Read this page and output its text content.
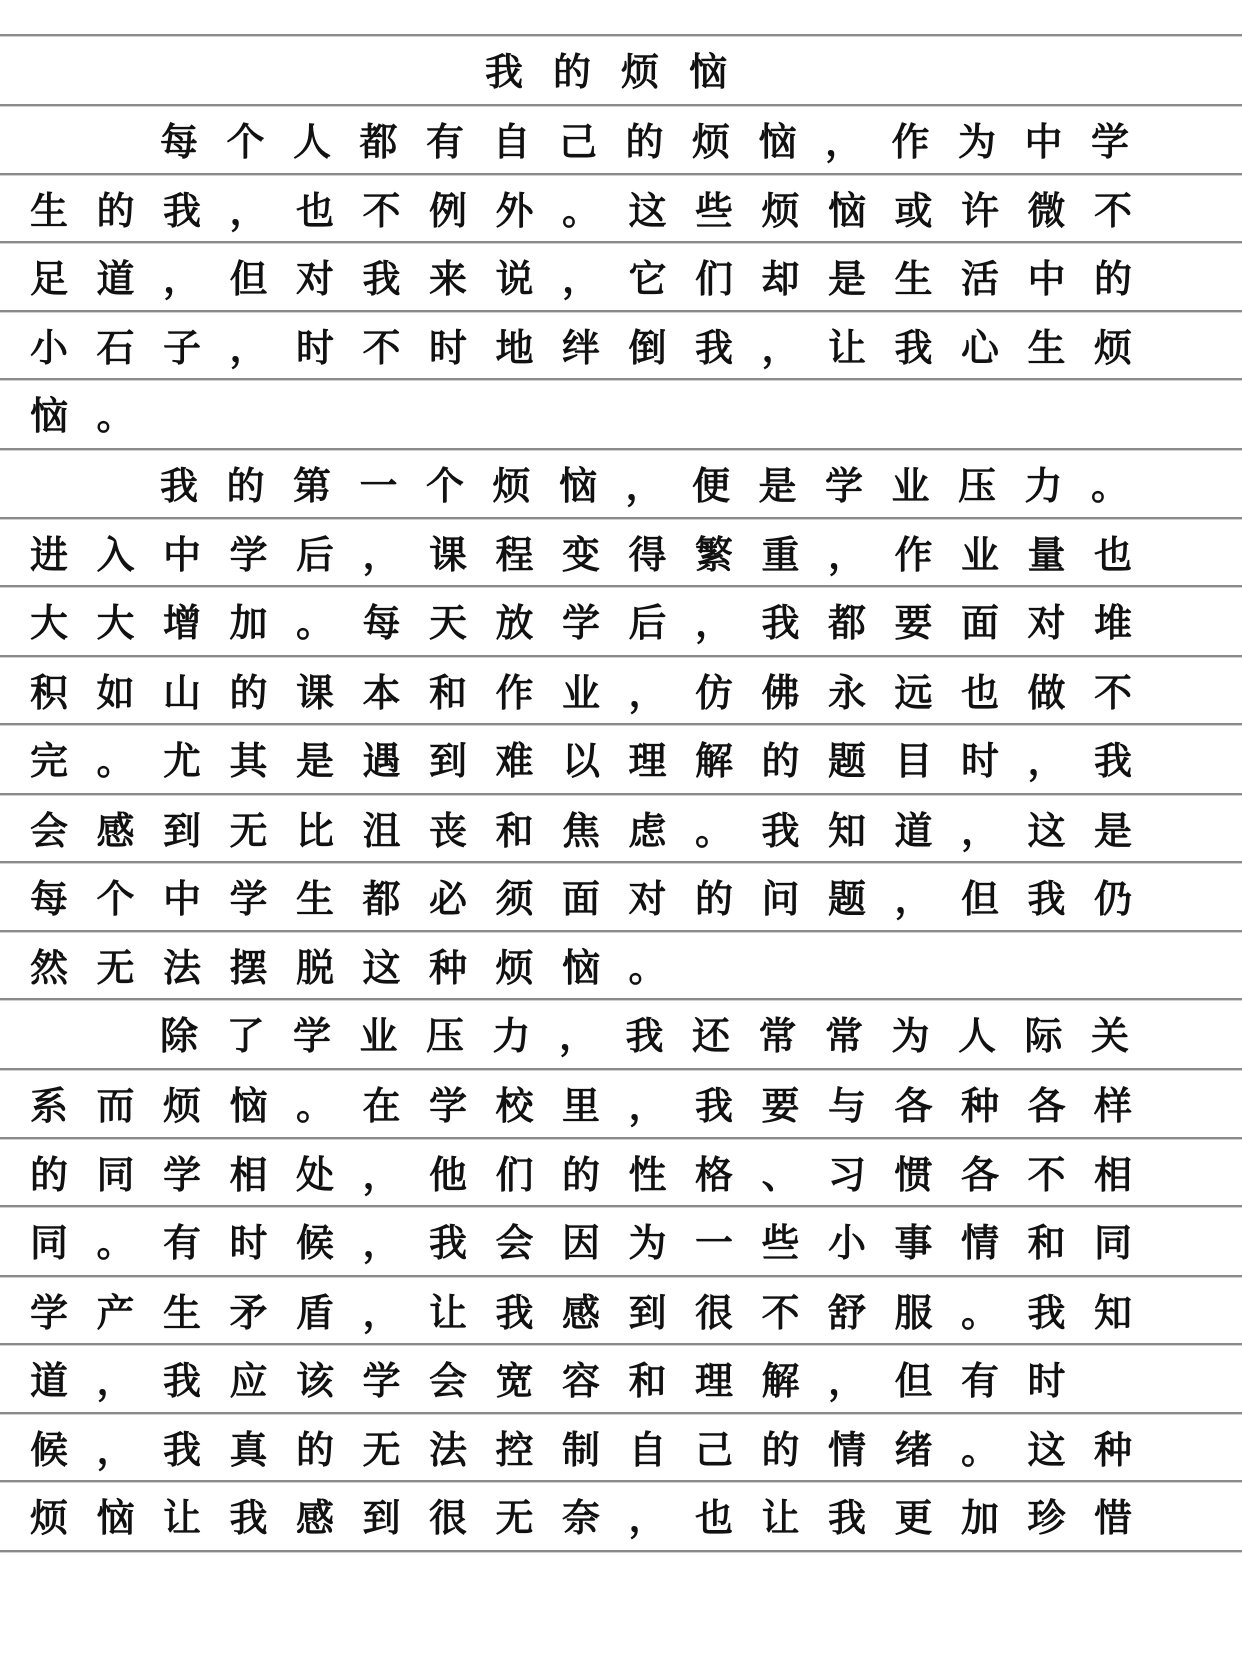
我的烦恼
每个人都有自己的烦恼，作为中学
生的我，也不例外。这些烦恼或许微不
足道，但对我来说，它们却是生活中的
小石子，时不时地绊倒我，让我心生烦
恼。
我的第一个烦恼，便是学业压力。
进入中学后，课程变得繁重，作业量也
大大增加。每天放学后，我都要面对堆
积如山的课本和作业，仿佛永远也做不
完。尤其是遇到难以理解的题目时，我
会感到无比沮丧和焦虑。我知道，这是
每个中学生都必须面对的问题，但我仍
然无法摆脱这种烦恼。
除了学业压力，我还常常为人际关
系而烦恼。在学校里，我要与各种各样
的同学相处，他们的性格、习惯各不相
同。有时候，我会因为一些小事情和同
学产生矛盾，让我感到很不舒服。我知
道，我应该学会宽容和理解，但有时
候，我真的无法控制自己的情绪。这种
烦恼让我感到很无奈，也让我更加珍惜
